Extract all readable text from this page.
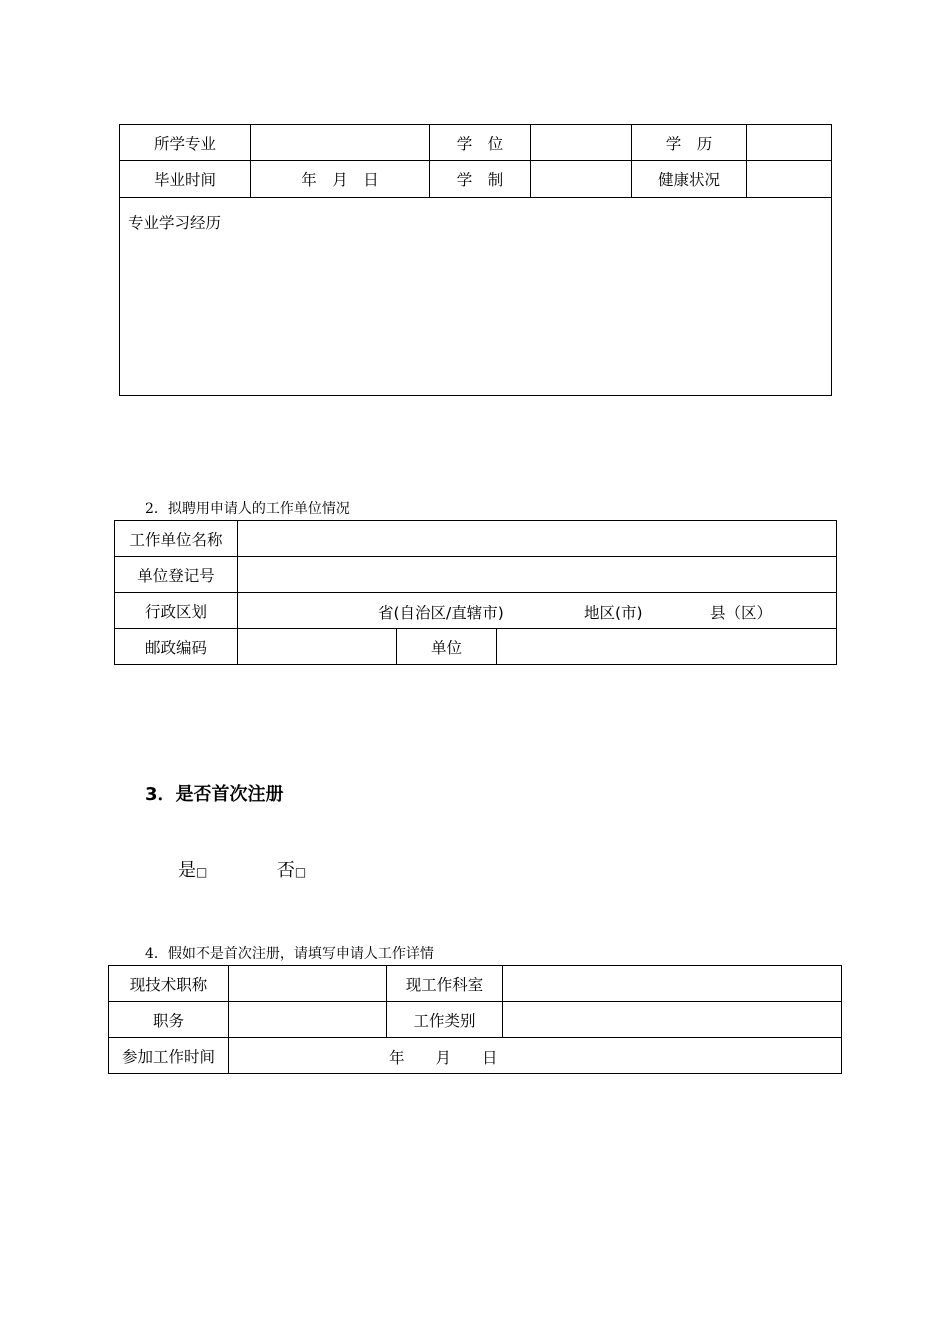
所学专业		学　位		学　历	
毕业时间	年　月　日	学　制		健康状况	
专业学习经历					
2．拟聘用申请人的工作单位情况
工作单位名称			
单位登记号			
行政区划	省(自治区/直辖市) 地区(市) 县（区）		

邮政编码		单位	
3．是否首次注册
是□	否□
4．假如不是首次注册，请填写申请人工作详情
现技术职称		现工作科室	
职务		工作类别	
参加工作时间	年　　月　　日		
